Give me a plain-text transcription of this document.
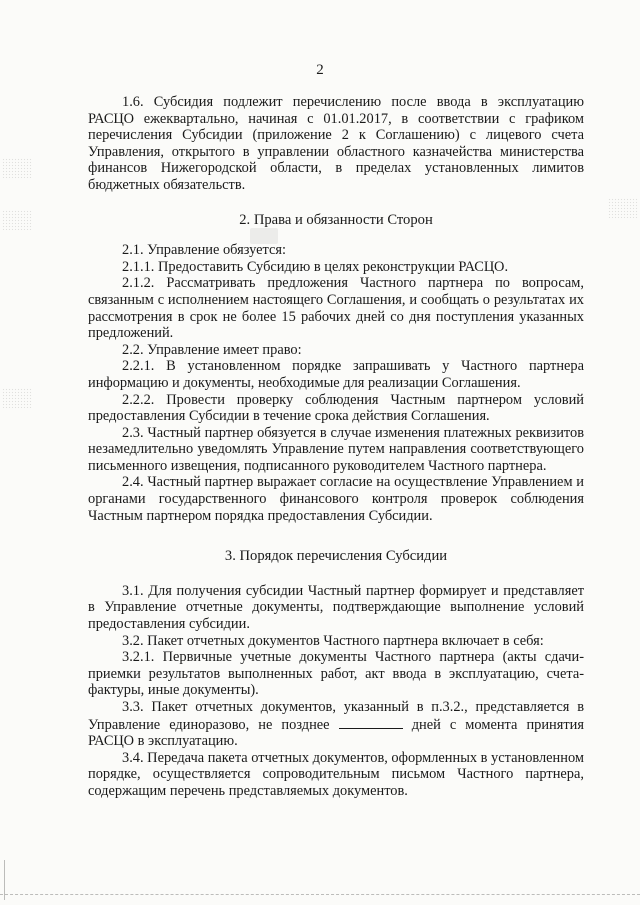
2

1.6. Субсидия подлежит перечислению после ввода в эксплуатацию РАСЦО ежеквартально, начиная с 01.01.2017, в соответствии с графиком перечисления Субсидии (приложение 2 к Соглашению) с лицевого счета Управления, открытого в управлении областного казначейства министерства финансов Нижегородской области, в пределах установленных лимитов бюджетных обязательств.

2. Права и обязанности Сторон

2.1. Управление обязуется:

2.1.1. Предоставить Субсидию в целях реконструкции РАСЦО.

2.1.2. Рассматривать предложения Частного партнера по вопросам, связанным с исполнением настоящего Соглашения, и сообщать о результатах их рассмотрения в срок не более 15 рабочих дней со дня поступления указанных предложений.

2.2. Управление имеет право:

2.2.1. В установленном порядке запрашивать у Частного партнера информацию и документы, необходимые для реализации Соглашения.

2.2.2. Провести проверку соблюдения Частным партнером условий предоставления Субсидии в течение срока действия Соглашения.

2.3. Частный партнер обязуется в случае изменения платежных реквизитов незамедлительно уведомлять Управление путем направления соответствующего письменного извещения, подписанного руководителем Частного партнера.

2.4. Частный партнер выражает согласие на осуществление Управлением и органами государственного финансового контроля проверок соблюдения Частным партнером порядка предоставления Субсидии.

3. Порядок перечисления Субсидии

3.1. Для получения субсидии Частный партнер формирует и представляет в Управление отчетные документы, подтверждающие выполнение условий предоставления субсидии.

3.2. Пакет отчетных документов Частного партнера включает в себя:

3.2.1. Первичные учетные документы Частного партнера (акты сдачи-приемки результатов выполненных работ, акт ввода в эксплуатацию, счета-фактуры, иные документы).

3.3. Пакет отчетных документов, указанный в п.3.2., представляется в Управление единоразово, не позднее	дней с момента принятия РАСЦО в эксплуатацию.

3.4. Передача пакета отчетных документов, оформленных в установленном порядке, осуществляется сопроводительным письмом Частного партнера, содержащим перечень представляемых документов.
